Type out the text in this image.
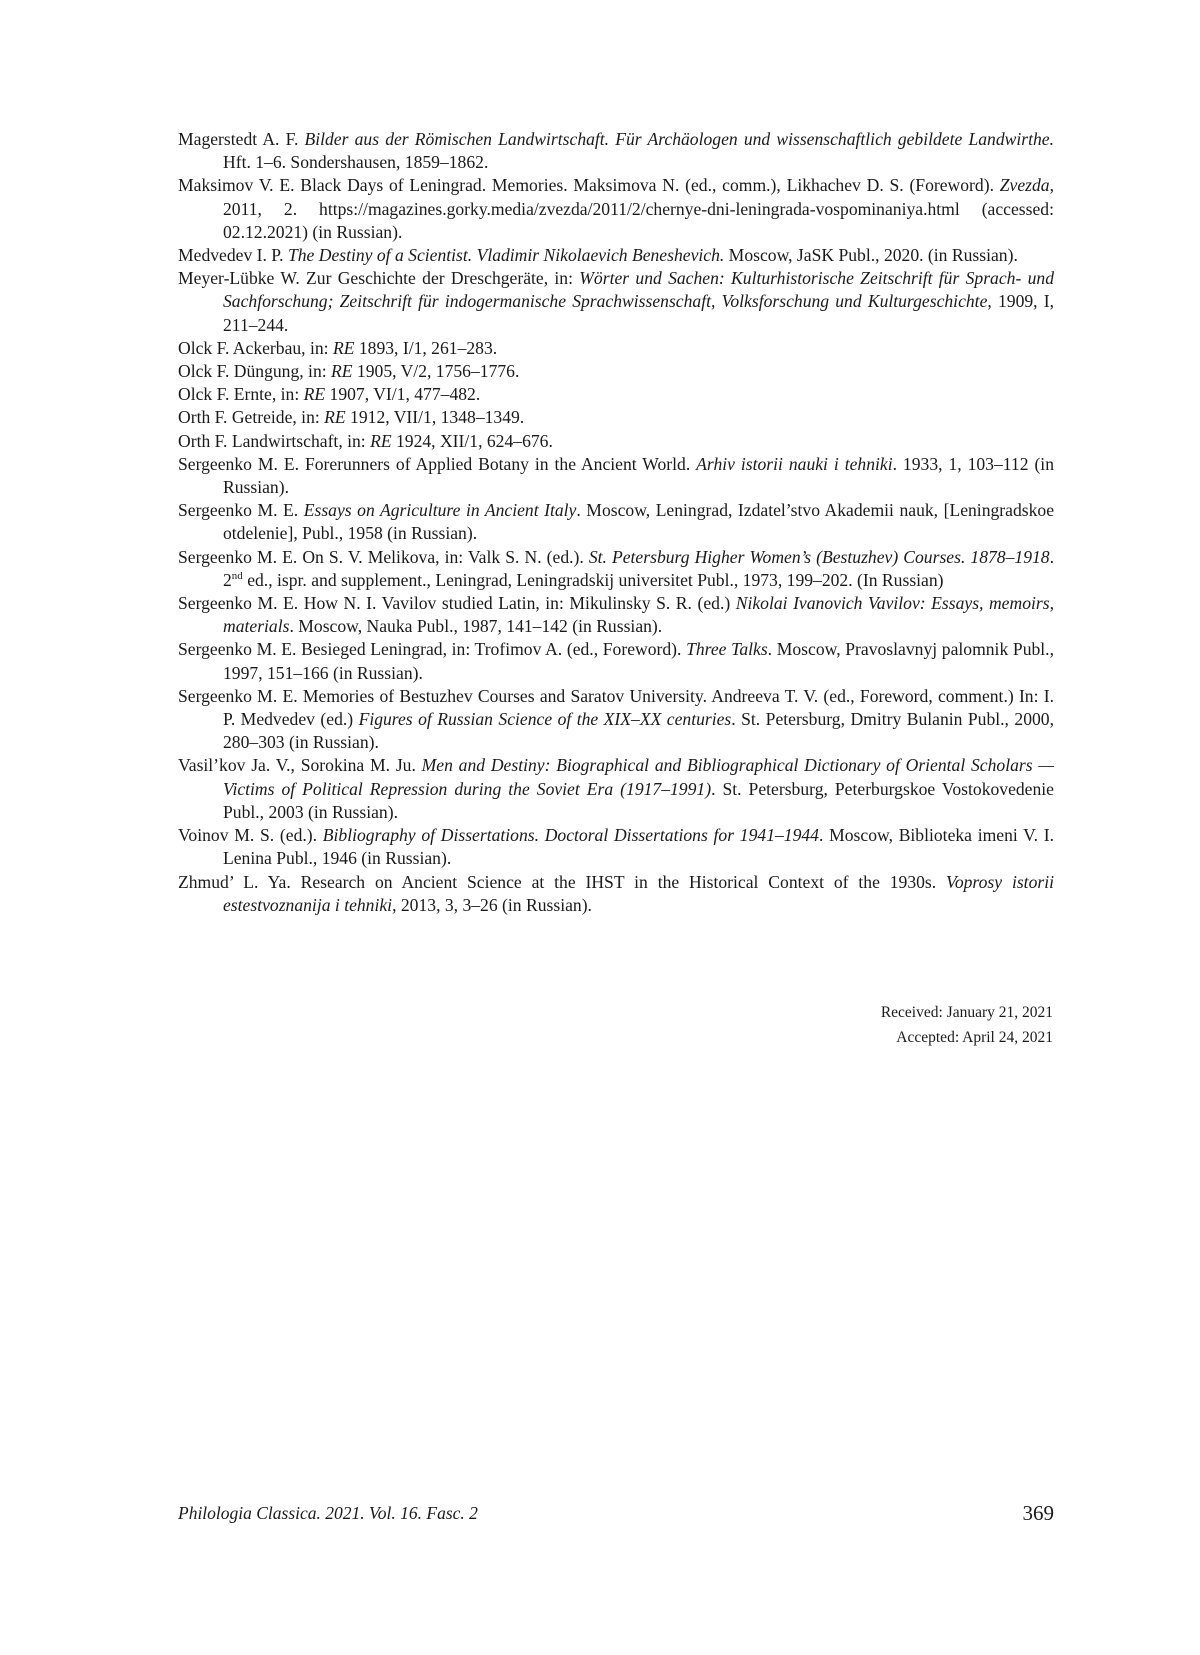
Magerstedt A. F. Bilder aus der Römischen Landwirtschaft. Für Archäologen und wissenschaftlich gebildete Landwirthe. Hft. 1–6. Sondershausen, 1859–1862.

Maksimov V. E. Black Days of Leningrad. Memories. Maksimova N. (ed., comm.), Likhachev D. S. (Foreword). Zvezda, 2011, 2. https://magazines.gorky.media/zvezda/2011/2/chernye-dni-leningrada-vospominaniya.html (accessed: 02.12.2021) (in Russian).

Medvedev I. P. The Destiny of a Scientist. Vladimir Nikolaevich Beneshevich. Moscow, JaSK Publ., 2020. (in Russian).

Meyer-Lübke W. Zur Geschichte der Dreschgeräte, in: Wörter und Sachen: Kulturhistorische Zeitschrift für Sprach- und Sachforschung; Zeitschrift für indogermanische Sprachwissenschaft, Volksforschung und Kulturgeschichte, 1909, I, 211–244.

Olck F. Ackerbau, in: RE 1893, I/1, 261–283.

Olck F. Düngung, in: RE 1905, V/2, 1756–1776.

Olck F. Ernte, in: RE 1907, VI/1, 477–482.

Orth F. Getreide, in: RE 1912, VII/1, 1348–1349.

Orth F. Landwirtschaft, in: RE 1924, XII/1, 624–676.

Sergeenko M. E. Forerunners of Applied Botany in the Ancient World. Arhiv istorii nauki i tehniki. 1933, 1, 103–112 (in Russian).

Sergeenko M. E. Essays on Agriculture in Ancient Italy. Moscow, Leningrad, Izdatel’stvo Akademii nauk, [Leningradskoe otdelenie], Publ., 1958 (in Russian).

Sergeenko M. E. On S. V. Melikova, in: Valk S. N. (ed.). St. Petersburg Higher Women’s (Bestuzhev) Courses. 1878–1918. 2nd ed., ispr. and supplement., Leningrad, Leningradskij universitet Publ., 1973, 199–202. (In Russian)

Sergeenko M. E. How N. I. Vavilov studied Latin, in: Mikulinsky S. R. (ed.) Nikolai Ivanovich Vavilov: Essays, memoirs, materials. Moscow, Nauka Publ., 1987, 141–142 (in Russian).

Sergeenko M. E. Besieged Leningrad, in: Trofimov A. (ed., Foreword). Three Talks. Moscow, Pravoslavnyj palomnik Publ., 1997, 151–166 (in Russian).

Sergeenko M. E. Memories of Bestuzhev Courses and Saratov University. Andreeva T. V. (ed., Foreword, comment.) In: I. P. Medvedev (ed.) Figures of Russian Science of the XIX–XX centuries. St. Petersburg, Dmitry Bulanin Publ., 2000, 280–303 (in Russian).

Vasil’kov Ja. V., Sorokina M. Ju. Men and Destiny: Biographical and Bibliographical Dictionary of Oriental Scholars — Victims of Political Repression during the Soviet Era (1917–1991). St. Petersburg, Peterburgskoe Vostokovedenie Publ., 2003 (in Russian).

Voinov M. S. (ed.). Bibliography of Dissertations. Doctoral Dissertations for 1941–1944. Moscow, Biblioteka imeni V. I. Lenina Publ., 1946 (in Russian).

Zhmud’ L. Ya. Research on Ancient Science at the IHST in the Historical Context of the 1930s. Voprosy istorii estestvoznanija i tehniki, 2013, 3, 3–26 (in Russian).

Received: January 21, 2021
Accepted: April 24, 2021
Philologia Classica. 2021. Vol. 16. Fasc. 2	369
